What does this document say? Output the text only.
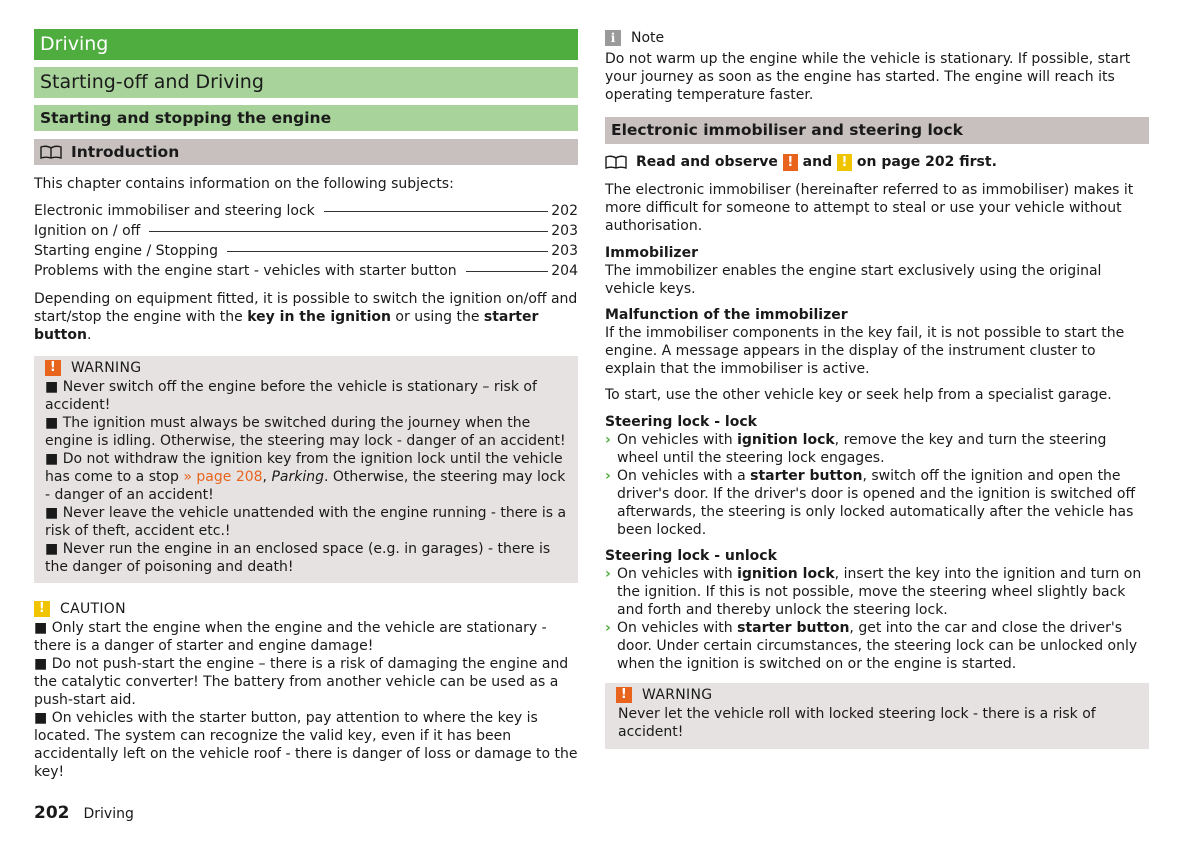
Driving
Starting-off and Driving
Starting and stopping the engine
Introduction

This chapter contains information on the following subjects:

Electronic immobiliser and steering lock	202
Ignition on / off	203
Starting engine / Stopping	203
Problems with the engine start - vehicles with starter button	204

Depending on equipment fitted, it is possible to switch the ignition on/off and start/stop the engine with the key in the ignition or using the starter button.

!	WARNING

■ Never switch off the engine before the vehicle is stationary – risk of accident!

■ The ignition must always be switched during the journey when the engine is idling. Otherwise, the steering may lock - danger of an accident!

■ Do not withdraw the ignition key from the ignition lock until the vehicle has come to a stop » page 208, Parking. Otherwise, the steering may lock - danger of an accident!

■ Never leave the vehicle unattended with the engine running - there is a risk of theft, accident etc.!

■ Never run the engine in an enclosed space (e.g. in garages) - there is the danger of poisoning and death!

!	CAUTION

■ Only start the engine when the engine and the vehicle are stationary - there is a danger of starter and engine damage!

■ Do not push-start the engine – there is a risk of damaging the engine and the catalytic converter! The battery from another vehicle can be used as a push-start aid.

■ On vehicles with the starter button, pay attention to where the key is located. The system can recognize the valid key, even if it has been accidentally left on the vehicle roof - there is danger of loss or damage to the key!

i	Note

Do not warm up the engine while the vehicle is stationary. If possible, start your journey as soon as the engine has started. The engine will reach its operating temperature faster.

Electronic immobiliser and steering lock

Read and observe ! and ! on page 202 first.

The electronic immobiliser (hereinafter referred to as immobiliser) makes it more difficult for someone to attempt to steal or use your vehicle without authorisation.

Immobilizer

The immobilizer enables the engine start exclusively using the original vehicle keys.

Malfunction of the immobilizer

If the immobiliser components in the key fail, it is not possible to start the engine. A message appears in the display of the instrument cluster to explain that the immobiliser is active.

To start, use the other vehicle key or seek help from a specialist garage.

Steering lock - lock
› On vehicles with ignition lock, remove the key and turn the steering wheel until the steering lock engages.
› On vehicles with a starter button, switch off the ignition and open the driver's door. If the driver's door is opened and the ignition is switched off afterwards, the steering is only locked automatically after the vehicle has been locked.
Steering lock - unlock
› On vehicles with ignition lock, insert the key into the ignition and turn on the ignition. If this is not possible, move the steering wheel slightly back and forth and thereby unlock the steering lock.
› On vehicles with starter button, get into the car and close the driver's door. Under certain circumstances, the steering lock can be unlocked only when the ignition is switched on or the engine is started.
!	WARNING

Never let the vehicle roll with locked steering lock - there is a risk of accident!

202 Driving
